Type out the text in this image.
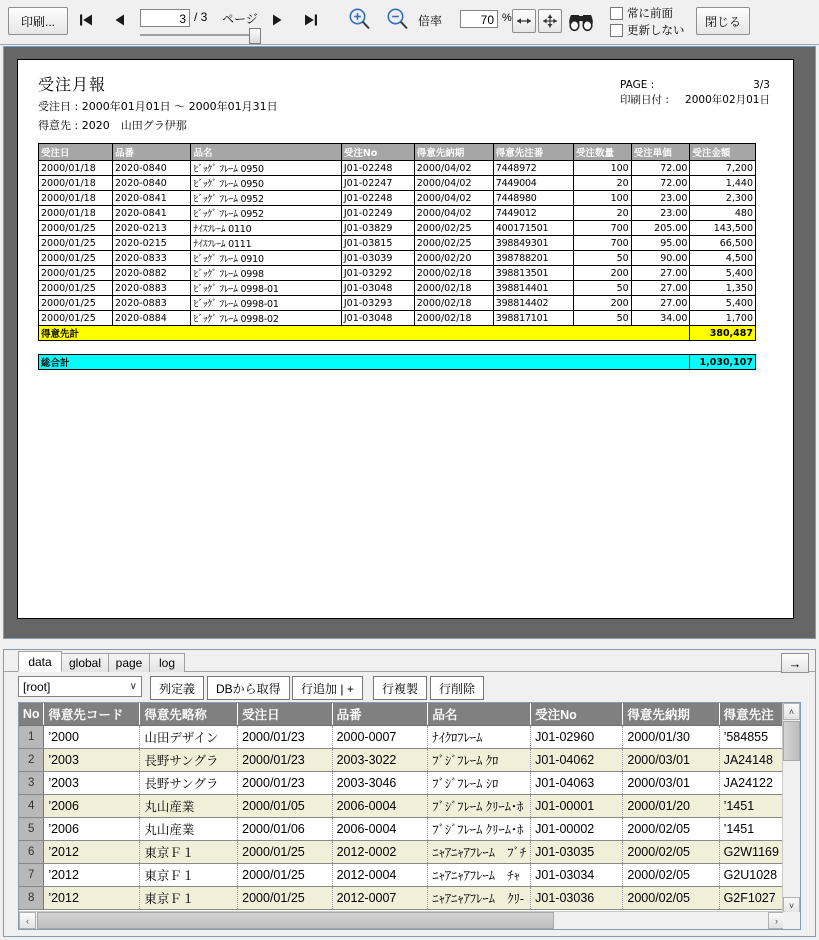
印刷...	3 / 3 ページ	倍率	70 %	常に前面
更新しない
閉じる
PAGE :	3/3
印刷日付 :	2000年02月01日
受注月報
受注日 : 2000年01月01日 ～ 2000年01月31日
得意先 : 2020　山田グラ伊那
受注日	品番	品名	受注No	得意先納期	得意先注番	受注数量	受注単価	受注金額
2000/01/18	2020-0840	ﾋﾞｯｸﾞ ﾌﾚｰﾑ 0950	J01-02248	2000/04/02	7448972	100	72.00	7,200
2000/01/18	2020-0840	ﾋﾞｯｸﾞ ﾌﾚｰﾑ 0950	J01-02247	2000/04/02	7449004	20	72.00	1,440
2000/01/18	2020-0841	ﾋﾞｯｸﾞ ﾌﾚｰﾑ 0952	J01-02248	2000/04/02	7448980	100	23.00	2,300
2000/01/18	2020-0841	ﾋﾞｯｸﾞ ﾌﾚｰﾑ 0952	J01-02249	2000/04/02	7449012	20	23.00	480
2000/01/25	2020-0213	ﾅｲｽﾌﾚｰﾑ 0110	J01-03829	2000/02/25	400171501	700	205.00	143,500
2000/01/25	2020-0215	ﾅｲｽﾌﾚｰﾑ 0111	J01-03815	2000/02/25	398849301	700	95.00	66,500
2000/01/25	2020-0833	ﾋﾞｯｸﾞ ﾌﾚｰﾑ 0910	J01-03039	2000/02/20	398788201	50	90.00	4,500
2000/01/25	2020-0882	ﾋﾞｯｸﾞ ﾌﾚｰﾑ 0998	J01-03292	2000/02/18	398813501	200	27.00	5,400
2000/01/25	2020-0883	ﾋﾞｯｸﾞ ﾌﾚｰﾑ 0998-01	J01-03048	2000/02/18	398814401	50	27.00	1,350
2000/01/25	2020-0883	ﾋﾞｯｸﾞ ﾌﾚｰﾑ 0998-01	J01-03293	2000/02/18	398814402	200	27.00	5,400
2000/01/25	2020-0884	ﾋﾞｯｸﾞ ﾌﾚｰﾑ 0998-02	J01-03048	2000/02/18	398817101	50	34.00	1,700
得意先計								380,487

総合計								1,030,107
data global page log	→
[root]	∨ 列定義 DBから取得 行追加 | + 行複製 行削除
No	得意先コード	得意先略称	受注日	品番	品名	受注No	得意先納期	得意先注
1	’2000	山田デザイン	2000/01/23	2000-0007	ﾅｲｸﾛﾌﾚｰﾑ	J01-02960	2000/01/30	’584855
2	’2003	長野サングラ	2000/01/23	2003-3022	ﾌﾞｼﾞﾌﾚｰﾑ ｸﾛ	J01-04062	2000/03/01	JA24148
3	’2003	長野サングラ	2000/01/23	2003-3046	ﾌﾞｼﾞﾌﾚｰﾑ ｼﾛ	J01-04063	2000/03/01	JA24122
4	’2006	丸山産業	2000/01/05	2006-0004	ﾌﾞｼﾞﾌﾚｰﾑ ｸﾘｰﾑ･ﾎ	J01-00001	2000/01/20	’1451
5	’2006	丸山産業	2000/01/06	2006-0004	ﾌﾞｼﾞﾌﾚｰﾑ ｸﾘｰﾑ･ﾎ	J01-00002	2000/02/05	’1451
6	’2012	東京Ｆ１	2000/01/25	2012-0002	ﾆｬｱﾆｬｱﾌﾚｰﾑ　ﾌﾞﾁ	J01-03035	2000/02/05	G2W1169
7	’2012	東京Ｆ１	2000/01/25	2012-0004	ﾆｬｱﾆｬｱﾌﾚｰﾑ　ﾁｬ	J01-03034	2000/02/05	G2U1028
8	’2012	東京Ｆ１	2000/01/25	2012-0007	ﾆｬｱﾆｬｱﾌﾚｰﾑ　ｸﾘ-	J01-03036	2000/02/05	G2F1027
˄
˅
‹	›
